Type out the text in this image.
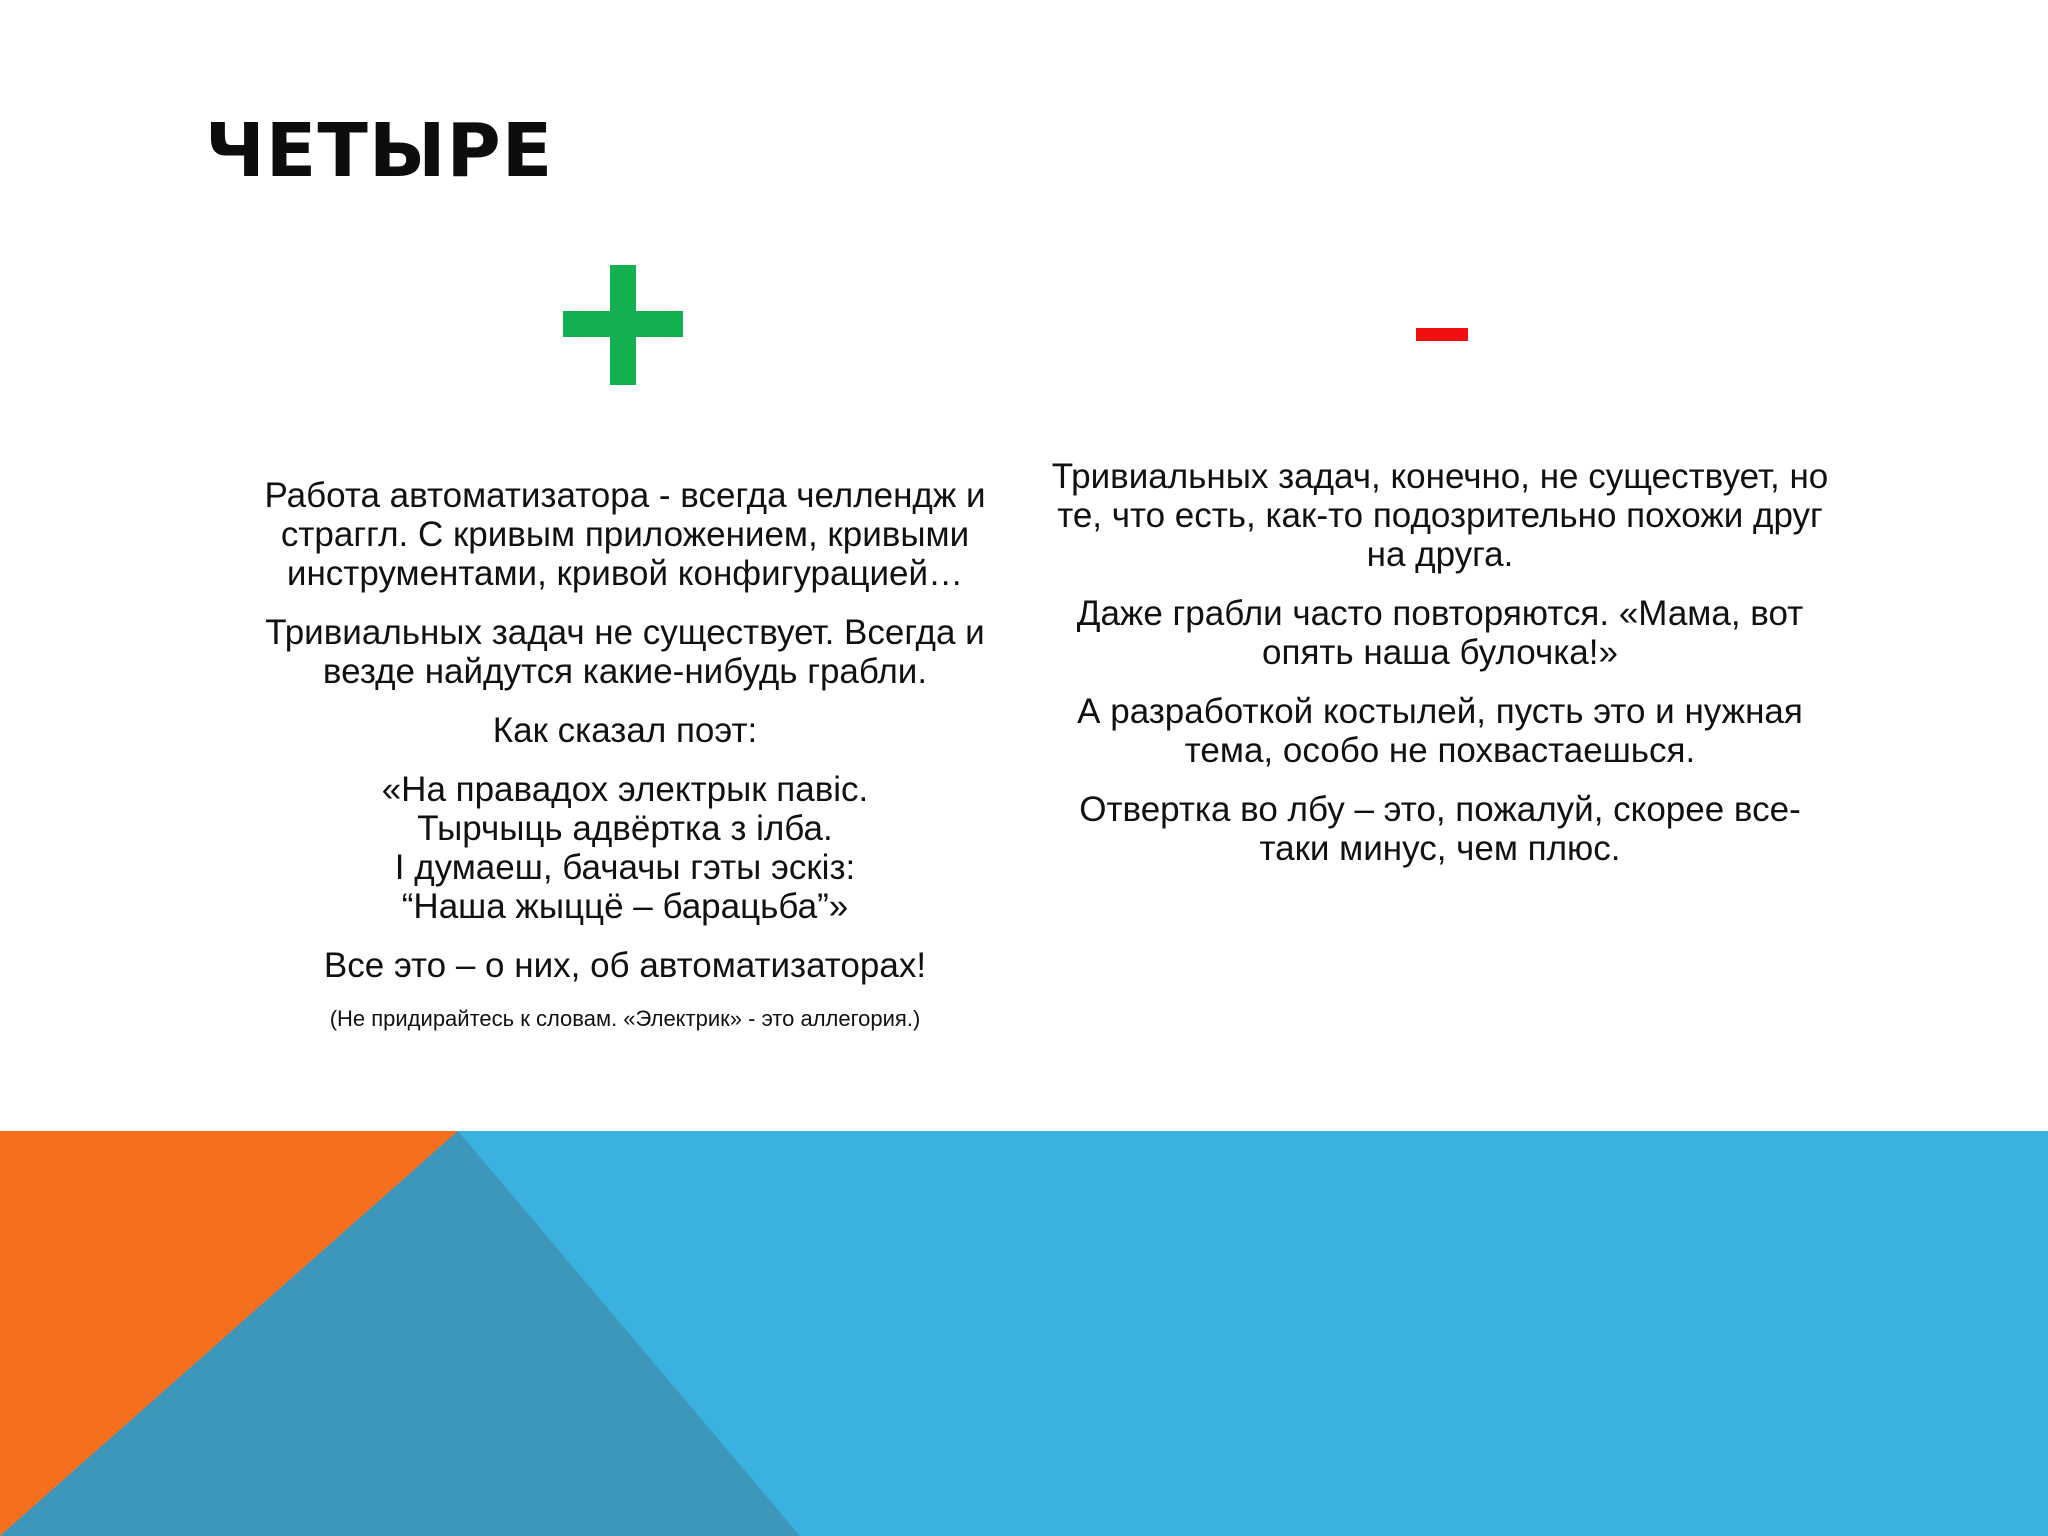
ЧЕТЫРЕ

Работа автоматизатора - всегда челлендж и страггл. С кривым приложением, кривыми инструментами, кривой конфигурацией…

Тривиальных задач не существует. Всегда и везде найдутся какие-нибудь грабли.

Как сказал поэт:

«На правадох электрык павіс.
Тырчыць адвёртка з ілба.
І думаеш, бачачы гэты эскіз:
“Наша жыццё – барацьба”»

Все это – о них, об автоматизаторах!

(Не придирайтесь к словам. «Электрик» - это аллегория.)

Тривиальных задач, конечно, не существует, но те, что есть, как-то подозрительно похожи друг на друга.

Даже грабли часто повторяются. «Мама, вот опять наша булочка!»

А разработкой костылей, пусть это и нужная тема, особо не похвастаешься.

Отвертка во лбу – это, пожалуй, скорее все-таки минус, чем плюс.
